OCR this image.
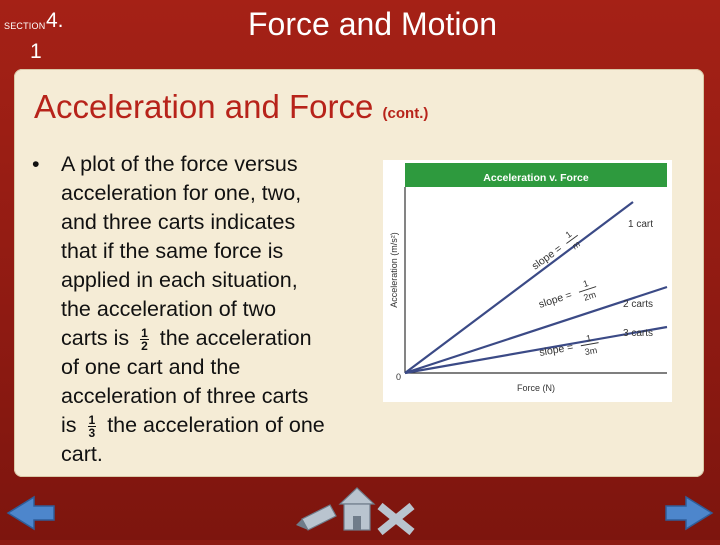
SECTION 4.
1
Force and Motion
Acceleration and Force (cont.)
• A plot of the force versus
acceleration for one, two,
and three carts indicates
that if the same force is
applied in each situation,
the acceleration of two
carts is $\frac{1}{2}$ the acceleration
of one cart and the
acceleration of three carts
is $\frac{1}{3}$ the acceleration of one
cart.
Acceleration v. Force
Acceleration (m/s²)
Force (N)
0
1 cart
2 carts
3 carts
slope =
1
m
slope =
1
2m
slope =
1
3m
